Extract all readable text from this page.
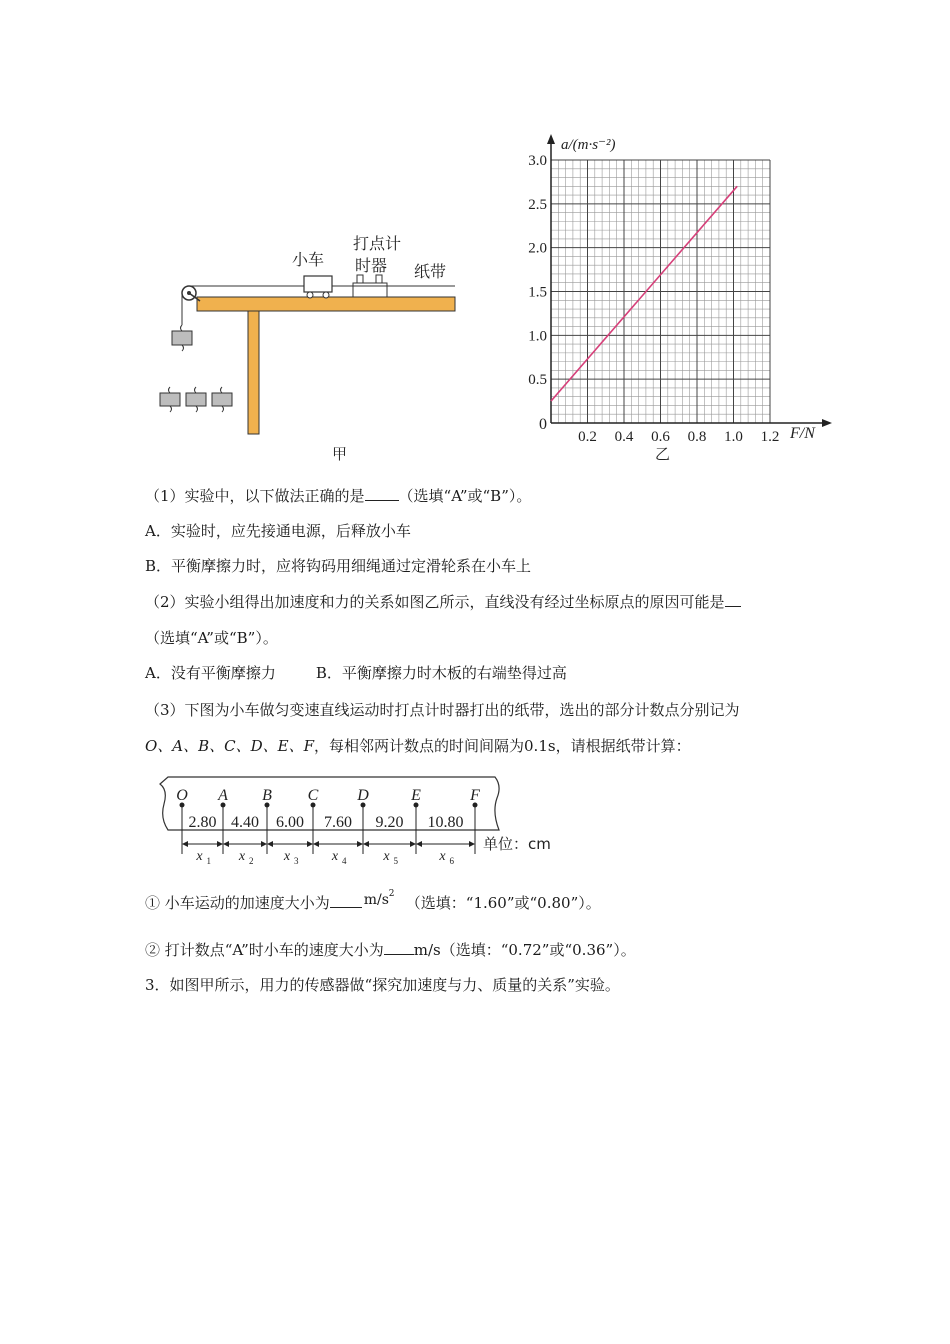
小车
打点计
时器 纸带
甲
0.2 0.4 0.6 0.8 1.0 1.2
0.5
1.0
1.5
2.0
2.5
3.0
a/(m·s⁻²)
F/N
0
乙
（1）实验中，以下做法正确的是 （选填“A”或“B”）。
A．实验时，应先接通电源，后释放小车
B．平衡摩擦力时，应将钩码用细绳通过定滑轮系在小车上
（2）实验小组得出加速度和力的关系如图乙所示，直线没有经过坐标原点的原因可能是
（选填“A”或“B”）。
A．没有平衡摩擦力	B．平衡摩擦力时木板的右端垫得过高
（3）下图为小车做匀变速直线运动时打点计时器打出的纸带，选出的部分计数点分别记为
O、A、B、C、D、E、F，每相邻两计数点的时间间隔为0.1s，请根据纸带计算：
O A B C D	E	F
2.80
x 1
4.40
x 2
6.00
x 3
7.60
x 4
9.20
x 5
10.80
x 6
单位：cm
① 小车运动的加速度大小为 m/s 2 （选填：“1.60”或“0.80”）。
② 打计数点“A”时小车的速度大小为 m/s（选填：“0.72”或“0.36”）。
3．如图甲所示，用力的传感器做“探究加速度与力、质量的关系”实验。
